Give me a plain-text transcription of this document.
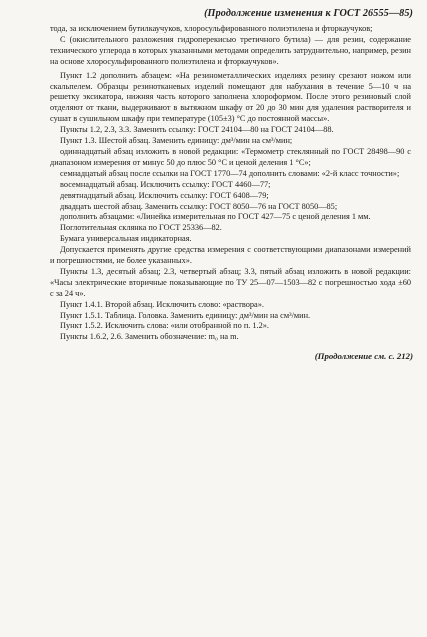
(Продолжение изменения к ГОСТ 26555—85)

тода, за исключением бутилкаучуков, хлоросульфированного полиэтилена и фторкаучуков;

С (окислительного разложения гидроперекисью третичного бутила) — для резин, содержание технического углерода в которых указанными методами определить затруднительно, например, резин на основе хлоросульфированного полиэтилена и фторкаучуков».

Пункт 1.2 дополнить абзацем: «На резинометаллических изделиях резину срезают ножом или скальпелем. Образцы резинотканевых изделий помещают для набухания в течение 5—10 ч на решетку эксикатора, нижняя часть которого заполнена хлороформом. После этого резиновый слой отделяют от ткани, выдерживают в вытяжном шкафу от 20 до 30 мин для удаления растворителя и сушат в сушильном шкафу при температуре (105±3) °С до постоянной массы».

Пункты 1.2, 2.3, 3.3. Заменить ссылку: ГОСТ 24104—80 на ГОСТ 24104—88.

Пункт 1.3. Шестой абзац. Заменить единицу: дм³/мин на см³/мин;

одиннадцатый абзац изложить в новой редакции: «Термометр стеклянный по ГОСТ 28498—90 с диапазоном измерения от минус 50 до плюс 50 °С и ценой деления 1 °С»;

семнадцатый абзац после ссылки на ГОСТ 1770—74 дополнить словами: «2-й класс точности»;

восемнадцатый абзац. Исключить ссылку: ГОСТ 4460—77;

девятнадцатый абзац. Исключить ссылку: ГОСТ 6408—79;

двадцать шестой абзац. Заменить ссылку: ГОСТ 8050—76 на ГОСТ 8050—85;

дополнить абзацами: «Линейка измерительная по ГОСТ 427—75 с ценой деления 1 мм.

Поглотительная склянка по ГОСТ 25336—82.

Бумага универсальная индикаторная.

Допускается применять другие средства измерения с соответствующими диапазонами измерений и погрешностями, не более указанных».

Пункты 1.3, десятый абзац; 2.3, четвертый абзац; 3.3, пятый абзац изложить в новой редакции: «Часы электрические вторичные показывающие по ТУ 25—07—1503—82 с погрешностью хода ±60 с за 24 ч».

Пункт 1.4.1. Второй абзац. Исключить слово: «раствора».

Пункт 1.5.1. Таблица. Головка. Заменить единицу: дм³/мин на см³/мин.

Пункт 1.5.2. Исключить слова: «или отобранной по п. 1.2».

Пункты 1.6.2, 2.6. Заменить обозначение: m₀ на m.

(Продолжение см. с. 212)
